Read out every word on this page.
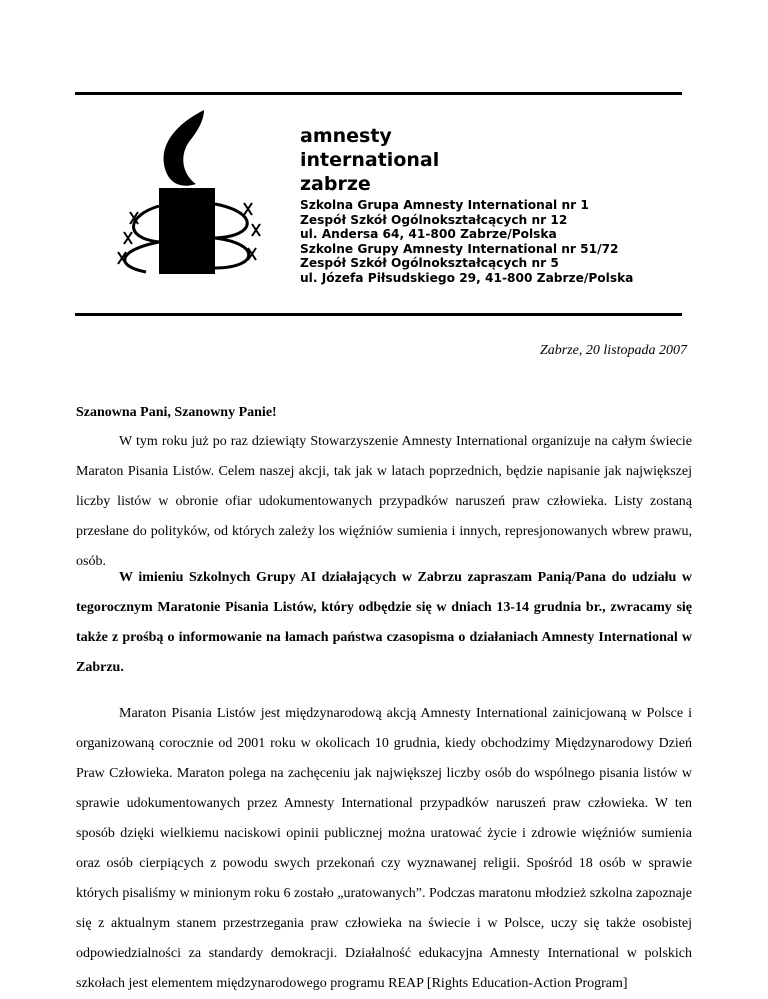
amnesty
international
zabrze
Szkolna Grupa Amnesty International nr 1
Zespół Szkół Ogólnokształcących nr 12
ul. Andersa 64, 41-800 Zabrze/Polska
Szkolne Grupy Amnesty International nr 51/72
Zespół Szkół Ogólnokształcących nr 5
ul. Józefa Piłsudskiego 29, 41-800 Zabrze/Polska
Zabrze, 20 listopada 2007
Szanowna Pani, Szanowny Panie!
W tym roku już po raz dziewiąty Stowarzyszenie Amnesty International organizuje na całym świecie Maraton Pisania Listów. Celem naszej akcji, tak jak w latach poprzednich, będzie napisanie jak największej liczby listów w obronie ofiar udokumentowanych przypadków naruszeń praw człowieka. Listy zostaną przesłane do polityków, od których zależy los więźniów sumienia i innych, represjonowanych wbrew prawu, osób.
W imieniu Szkolnych Grupy AI działających w Zabrzu zapraszam Panią/Pana do udziału w tegorocznym Maratonie Pisania Listów, który odbędzie się w dniach 13-14 grudnia br., zwracamy się także z prośbą o informowanie na łamach państwa czasopisma o działaniach Amnesty International w Zabrzu.
Maraton Pisania Listów jest międzynarodową akcją Amnesty International zainicjowaną w Polsce i organizowaną corocznie od 2001 roku w okolicach 10 grudnia, kiedy obchodzimy Międzynarodowy Dzień Praw Człowieka. Maraton polega na zachęceniu jak największej liczby osób do wspólnego pisania listów w sprawie udokumentowanych przez Amnesty International przypadków naruszeń praw człowieka. W ten sposób dzięki wielkiemu naciskowi opinii publicznej można uratować życie i zdrowie więźniów sumienia oraz osób cierpiących z powodu swych przekonań czy wyznawanej religii. Spośród 18 osób w sprawie których pisaliśmy w minionym roku 6 zostało „uratowanych”. Podczas maratonu młodzież szkolna zapoznaje się z aktualnym stanem przestrzegania praw człowieka na świecie i w Polsce, uczy się także osobistej odpowiedzialności za standardy demokracji. Działalność edukacyjna Amnesty International w polskich szkołach jest elementem międzynarodowego programu REAP [Rights Education-Action Program]
